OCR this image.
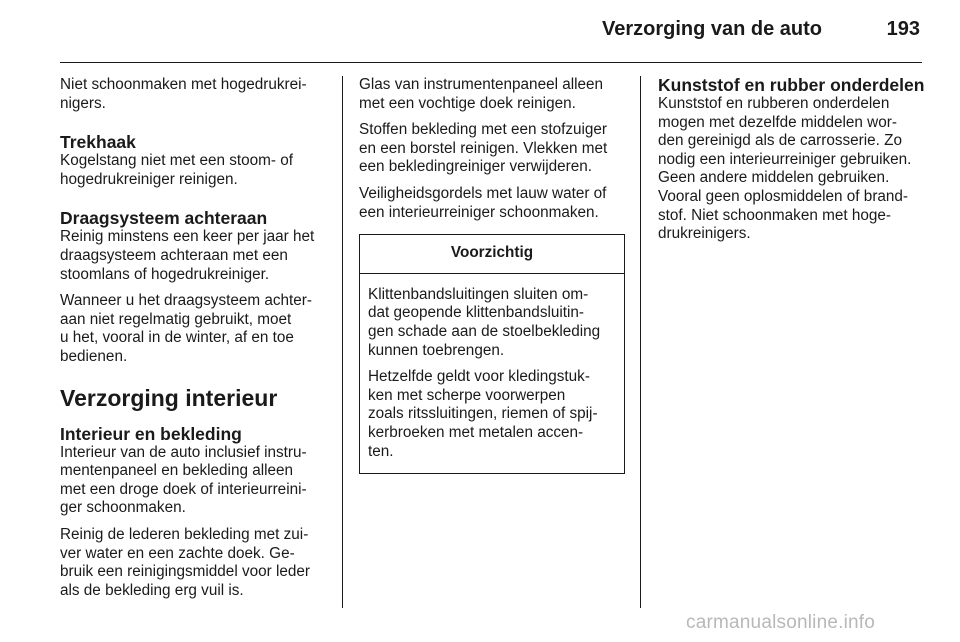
Verzorging van de auto	193

Niet schoonmaken met hogedrukrei-
nigers.

Trekhaak

Kogelstang niet met een stoom- of
hogedrukreiniger reinigen.

Draagsysteem achteraan

Reinig minstens een keer per jaar het
draagsysteem achteraan met een
stoomlans of hogedrukreiniger.

Wanneer u het draagsysteem achter-
aan niet regelmatig gebruikt, moet
u het, vooral in de winter, af en toe
bedienen.

Verzorging interieur
Interieur en bekleding

Interieur van de auto inclusief instru-
mentenpaneel en bekleding alleen
met een droge doek of interieurreini-
ger schoonmaken.

Reinig de lederen bekleding met zui-
ver water en een zachte doek. Ge-
bruik een reinigingsmiddel voor leder
als de bekleding erg vuil is.

Glas van instrumentenpaneel alleen
met een vochtige doek reinigen.

Stoffen bekleding met een stofzuiger
en een borstel reinigen. Vlekken met
een bekledingreiniger verwijderen.

Veiligheidsgordels met lauw water of
een interieurreiniger schoonmaken.

Voorzichtig

Klittenbandsluitingen sluiten om-
dat geopende klittenbandsluitin-
gen schade aan de stoelbekleding
kunnen toebrengen.

Hetzelfde geldt voor kledingstuk-
ken met scherpe voorwerpen
zoals ritssluitingen, riemen of spij-
kerbroeken met metalen accen-
ten.

Kunststof en rubber onderdelen

Kunststof en rubberen onderdelen
mogen met dezelfde middelen wor-
den gereinigd als de carrosserie. Zo
nodig een interieurreiniger gebruiken.
Geen andere middelen gebruiken.
Vooral geen oplosmiddelen of brand-
stof. Niet schoonmaken met hoge-
drukreinigers.

carmanualsonline.info
